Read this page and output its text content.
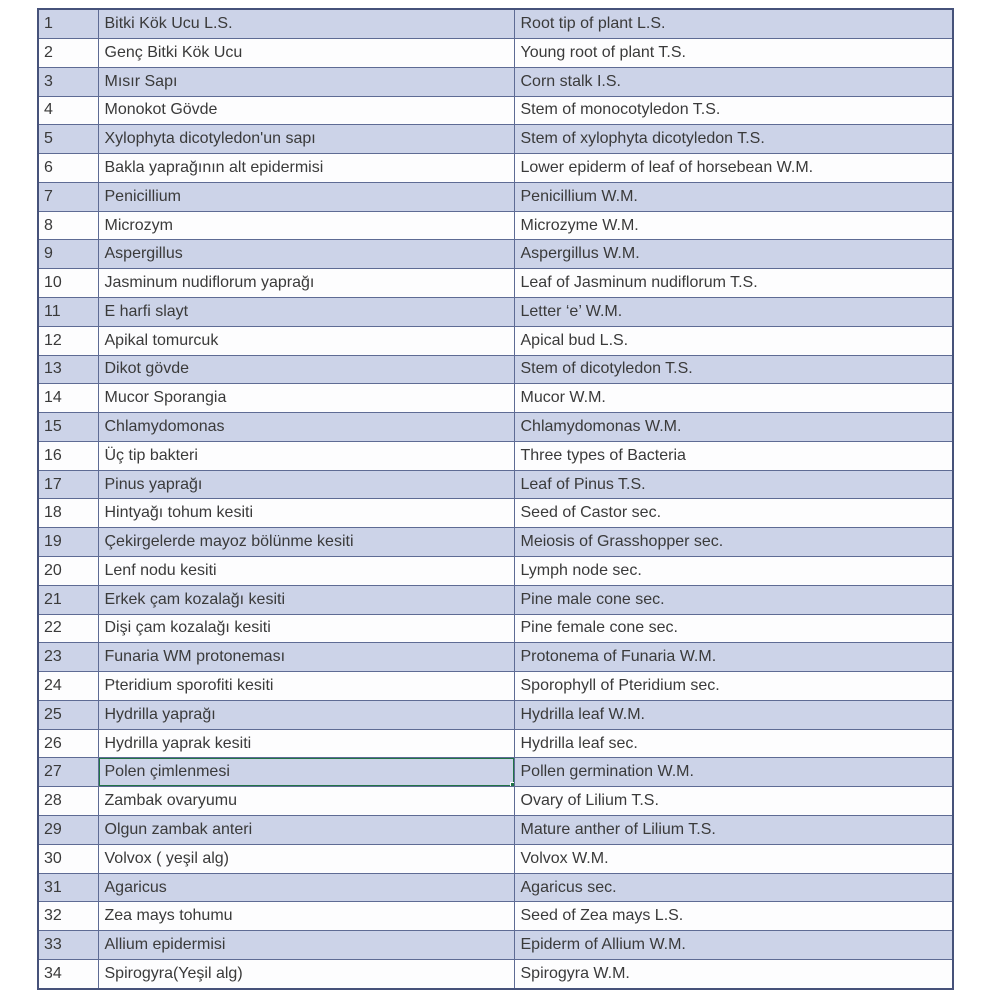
1	Bitki Kök Ucu L.S.	Root tip of plant L.S.
2	Genç Bitki Kök Ucu	Young root of plant T.S.
3	Mısır Sapı	Corn stalk I.S.
4	Monokot Gövde	Stem of monocotyledon T.S.
5	Xylophyta dicotyledon'un sapı	Stem of xylophyta dicotyledon T.S.
6	Bakla yaprağının alt epidermisi	Lower epiderm of leaf of horsebean W.M.
7	Penicillium	Penicillium W.M.
8	Microzym	Microzyme W.M.
9	Aspergillus	Aspergillus W.M.
10	Jasminum nudiflorum yaprağı	Leaf of Jasminum nudiflorum T.S.
11	E harfi slayt	Letter ‘e’ W.M.
12	Apikal tomurcuk	Apical bud L.S.
13	Dikot gövde	Stem of dicotyledon T.S.
14	Mucor Sporangia	Mucor W.M.
15	Chlamydomonas	Chlamydomonas W.M.
16	Üç tip bakteri	Three types of Bacteria
17	Pinus yaprağı	Leaf of Pinus T.S.
18	Hintyağı tohum kesiti	Seed of Castor sec.
19	Çekirgelerde mayoz bölünme kesiti	Meiosis of Grasshopper sec.
20	Lenf nodu kesiti	Lymph node sec.
21	Erkek çam kozalağı kesiti	Pine male cone sec.
22	Dişi çam kozalağı kesiti	Pine female cone sec.
23	Funaria WM protoneması	Protonema of Funaria W.M.
24	Pteridium sporofiti kesiti	Sporophyll of Pteridium sec.
25	Hydrilla yaprağı	Hydrilla leaf W.M.
26	Hydrilla yaprak kesiti	Hydrilla leaf sec.
27	Polen çimlenmesi	Pollen germination W.M.
28	Zambak ovaryumu	Ovary of Lilium T.S.
29	Olgun zambak anteri	Mature anther of Lilium T.S.
30	Volvox ( yeşil alg)	Volvox W.M.
31	Agaricus	Agaricus sec.
32	Zea mays tohumu	Seed of Zea mays L.S.
33	Allium epidermisi	Epiderm of Allium W.M.
34	Spirogyra(Yeşil alg)	Spirogyra W.M.
